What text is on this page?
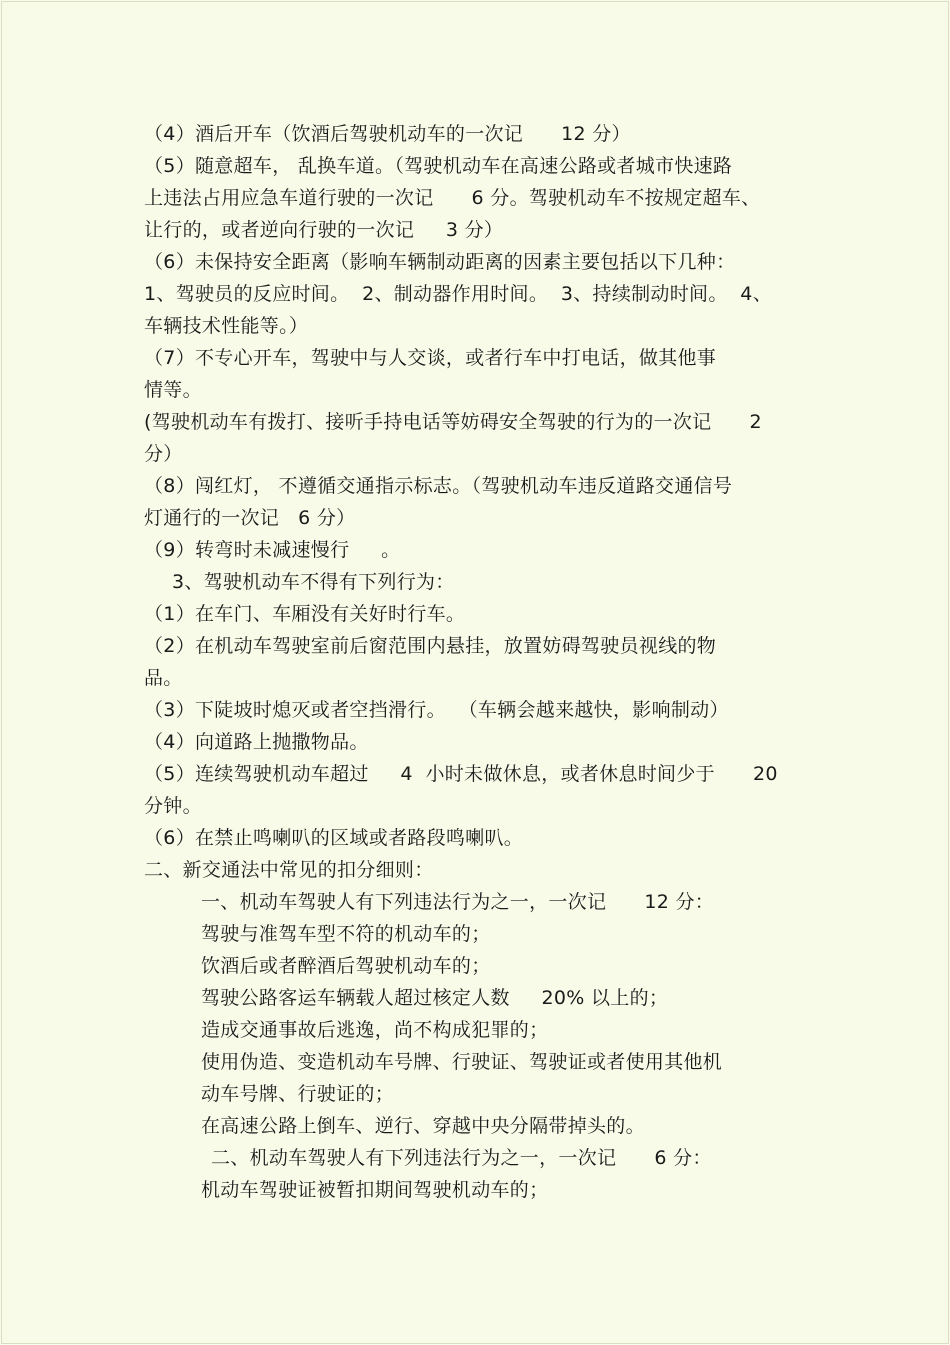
（4）酒后开车（饮酒后驾驶机动车的一次记      12 分）
（5）随意超车， 乱换车道。（驾驶机动车在高速公路或者城市快速路
上违法占用应急车道行驶的一次记      6 分。驾驶机动车不按规定超车、
让行的，或者逆向行驶的一次记     3 分）
（6）未保持安全距离（影响车辆制动距离的因素主要包括以下几种：
1、驾驶员的反应时间。  2、制动器作用时间。  3、持续制动时间。  4、
车辆技术性能等。）
（7）不专心开车，驾驶中与人交谈，或者行车中打电话，做其他事
情等。
(驾驶机动车有拨打、接听手持电话等妨碍安全驾驶的行为的一次记      2
分）
（8）闯红灯， 不遵循交通指示标志。（驾驶机动车违反道路交通信号
灯通行的一次记   6 分）
（9）转弯时未减速慢行     。
3、驾驶机动车不得有下列行为：
（1）在车门、车厢没有关好时行车。
（2）在机动车驾驶室前后窗范围内悬挂，放置妨碍驾驶员视线的物
品。
（3）下陡坡时熄灭或者空挡滑行。  （车辆会越来越快，影响制动）
（4）向道路上抛撒物品。
（5）连续驾驶机动车超过     4  小时未做休息，或者休息时间少于      20
分钟。
（6）在禁止鸣喇叭的区域或者路段鸣喇叭。
二、新交通法中常见的扣分细则：
一、机动车驾驶人有下列违法行为之一，一次记      12 分：
驾驶与准驾车型不符的机动车的；
饮酒后或者醉酒后驾驶机动车的；
驾驶公路客运车辆载人超过核定人数     20% 以上的；
造成交通事故后逃逸，尚不构成犯罪的；
使用伪造、变造机动车号牌、行驶证、驾驶证或者使用其他机
动车号牌、行驶证的；
在高速公路上倒车、逆行、穿越中央分隔带掉头的。
二、机动车驾驶人有下列违法行为之一，一次记      6 分：
机动车驾驶证被暂扣期间驾驶机动车的；
